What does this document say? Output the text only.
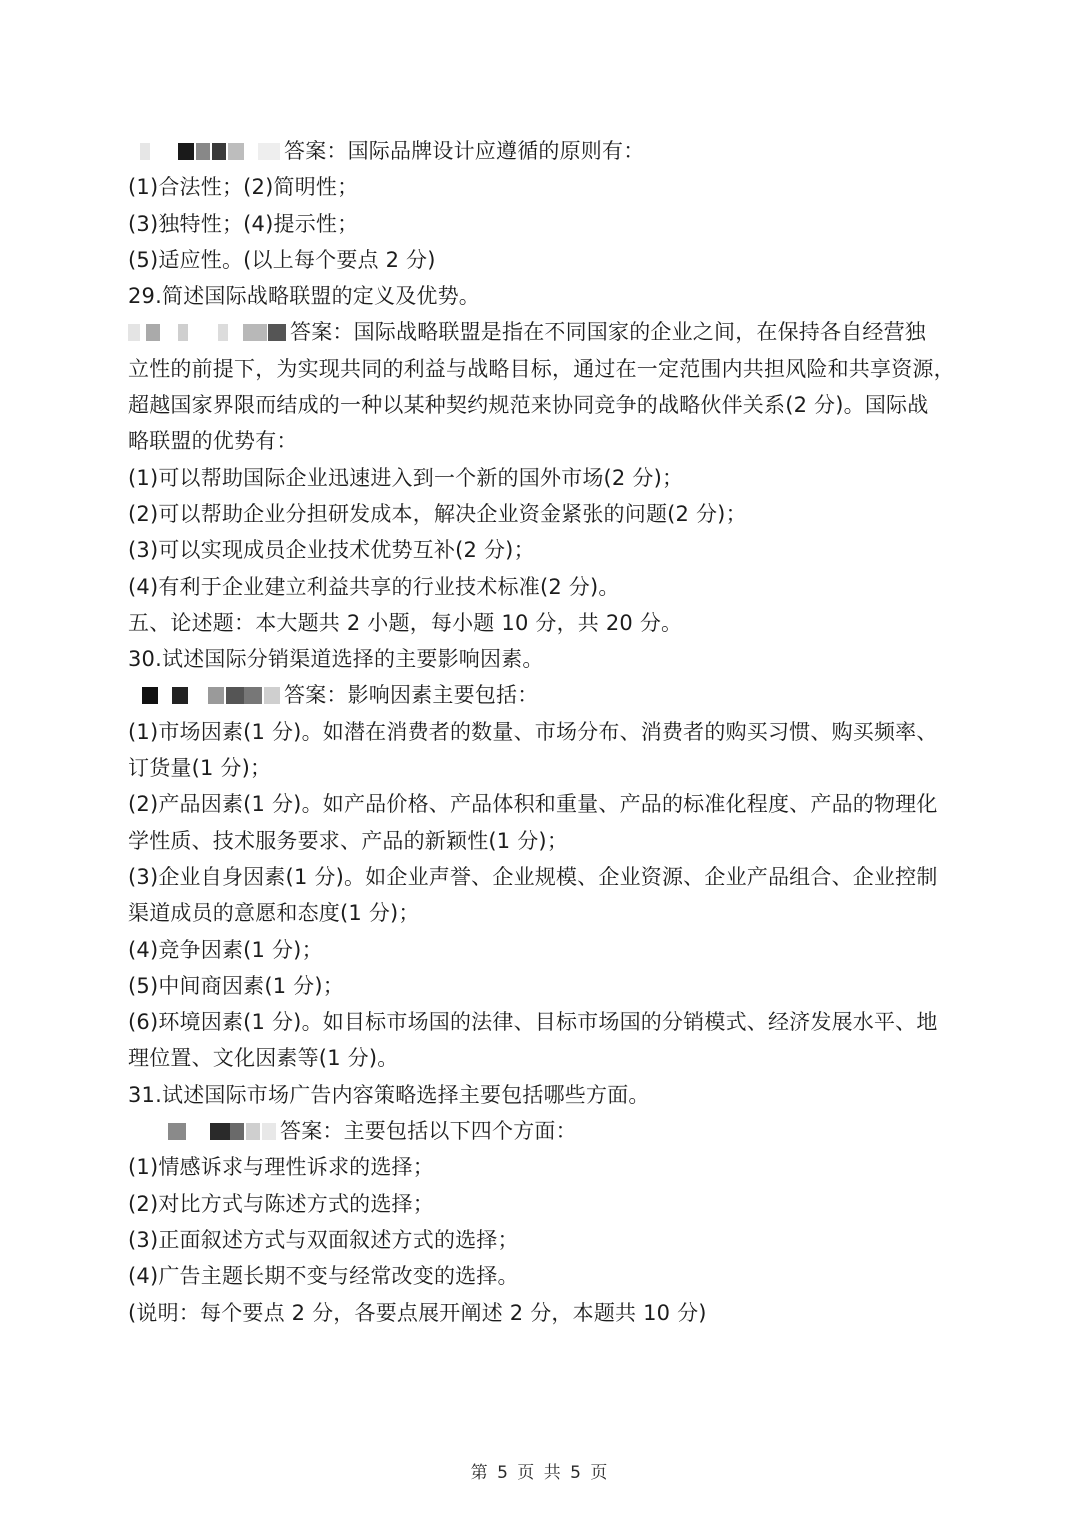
答案：国际品牌设计应遵循的原则有：
(1)合法性；(2)简明性；
(3)独特性；(4)提示性；
(5)适应性。(以上每个要点 2 分)
29.简述国际战略联盟的定义及优势。
答案：国际战略联盟是指在不同国家的企业之间，在保持各自经营独
立性的前提下，为实现共同的利益与战略目标，通过在一定范围内共担风险和共享资源，
超越国家界限而结成的一种以某种契约规范来协同竞争的战略伙伴关系(2 分)。国际战
略联盟的优势有：
(1)可以帮助国际企业迅速进入到一个新的国外市场(2 分)；
(2)可以帮助企业分担研发成本，解决企业资金紧张的问题(2 分)；
(3)可以实现成员企业技术优势互补(2 分)；
(4)有利于企业建立利益共享的行业技术标准(2 分)。
五、论述题：本大题共 2 小题，每小题 10 分，共 20 分。
30.试述国际分销渠道选择的主要影响因素。
答案：影响因素主要包括：
(1)市场因素(1 分)。如潜在消费者的数量、市场分布、消费者的购买习惯、购买频率、
订货量(1 分)；
(2)产品因素(1 分)。如产品价格、产品体积和重量、产品的标准化程度、产品的物理化
学性质、技术服务要求、产品的新颖性(1 分)；
(3)企业自身因素(1 分)。如企业声誉、企业规模、企业资源、企业产品组合、企业控制
渠道成员的意愿和态度(1 分)；
(4)竞争因素(1 分)；
(5)中间商因素(1 分)；
(6)环境因素(1 分)。如目标市场国的法律、目标市场国的分销模式、经济发展水平、地
理位置、文化因素等(1 分)。
31.试述国际市场广告内容策略选择主要包括哪些方面。
答案：主要包括以下四个方面：
(1)情感诉求与理性诉求的选择；
(2)对比方式与陈述方式的选择；
(3)正面叙述方式与双面叙述方式的选择；
(4)广告主题长期不变与经常改变的选择。
(说明：每个要点 2 分，各要点展开阐述 2 分，本题共 10 分)
第 5 页 共 5 页
